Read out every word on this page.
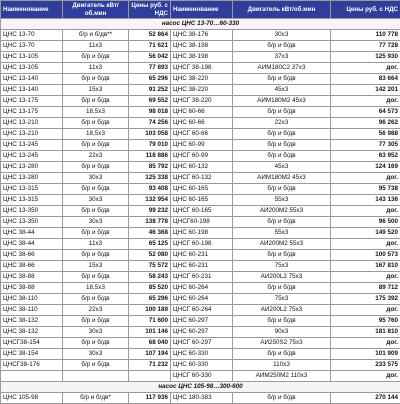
Наименование	Двигатель кВт/об.мин	Цены руб. с НДС	Наименование	Двигатель кВт/об.мин	Цены руб. с НДС
насос ЦНС 13-70…60-330					
ЦНС 13-70	б/р и б/дв**	52 864	ЦНС 38-176	30х3	110 778
ЦНС 13-70	11х3	71 621	ЦНС 38-198	б/р и б/дв	77 728
ЦНС 13-105	б/р и б/дв	56 042	ЦНС 38-198	37х3	125 930
ЦНС 13-105	11х3	77 893	ЦНСГ 38-198	АИМ180С2 37х3	дог.
ЦНС 13-140	б/р и б/дв	65 296	ЦНС 38-220	б/р и б/дв	83 664
ЦНС 13-140	15х3	91 252	ЦНС 38-220	45х3	142 201
ЦНС 13-175	б/р и б/дв	69 552	ЦНСГ 38-220	АИМ180М2 45х3	дог.
ЦНС 13-175	18,5х3	98 018	ЦНС 60-66	б/р и б/дв	64 573
ЦНС 13-210	б/р и б/дв	74 256	ЦНС 60-66	22х3	96 262
ЦНС 13-210	18,5х3	103 058	ЦНСГ 60-66	б/р и б/дв	56 988
ЦНС 13-245	б/р и б/дв	79 010	ЦНС 60-99	б/р и б/дв	77 305
ЦНС 13-245	22х3	118 886	ЦНСГ 60-99	б/р и б/дв	63 952
ЦНС 13-280	б/р и б/дв	85 792	ЦНС 60-132	45х3	124 169
ЦНС 13-280	30х3	125 338	ЦНСГ 60-132	АИМ180М2 45х3	дог.
ЦНС 13-315	б/р и б/дв	93 408	ЦНС 60-165	б/р и б/дв	95 738
ЦНС 13-315	30х3	132 954	ЦНС 60-165	55х3	143 136
ЦНС 13-350	б/р и б/дв	99 232	ЦНСГ 60-165	АИ200М2 55х3	дог.
ЦНС 13-350	30х3	138 778	ЦНСГ60-198	б/р и б/дв	96 500
ЦНС 38-44	б/р и б/дв	46 368	ЦНС 60-198	55х3	149 520
ЦНС 38-44	11х3	65 125	ЦНСГ 60-198	АИ200М2 55х3	дог.
ЦНС 38-66	б/р и б/дв	52 080	ЦНС 60-231	б/р и б/дв	100 573
ЦНС 38-66	15х3	75 572	ЦНС 60-231	75х3	167 810
ЦНС 38-88	б/р и б/дв	58 243	ЦНСГ 60-231	АИ200L2 75х3	дог.
ЦНС 38-88	18,5х3	85 520	ЦНС 60-264	б/р и б/дв	89 712
ЦНС 38-110	б/р и б/дв	65 296	ЦНС 60-264	75х3	175 392
ЦНС 38-110	22х3	100 189	ЦНСГ 60-264	АИ200L2 75х3	дог.
ЦНС 38-132	б/р и б/дв	71 600	ЦНС 60-297	б/р и б/дв	95 760
ЦНС 38-132	30х3	101 146	ЦНС 60-297	90х3	181 810
ЦНСГ38-154	б/р и б/дв	68 040	ЦНСГ 60-297	АИ250S2 75х3	дог.
ЦНС 38-154	30х3	107 194	ЦНС 60-330	б/р и б/дв	101 909
ЦНСГ38-176	б/р и б/дв	71 232	ЦНС 60-330	110х3	233 575
			ЦНСГ 60-330	АИМ250М2 110х3	дог.
насос ЦНС 105-98…300-600					
ЦНС 105-98	б/р и б/дв*	117 936	ЦНС 180-383	б/р и б/дв	270 144
